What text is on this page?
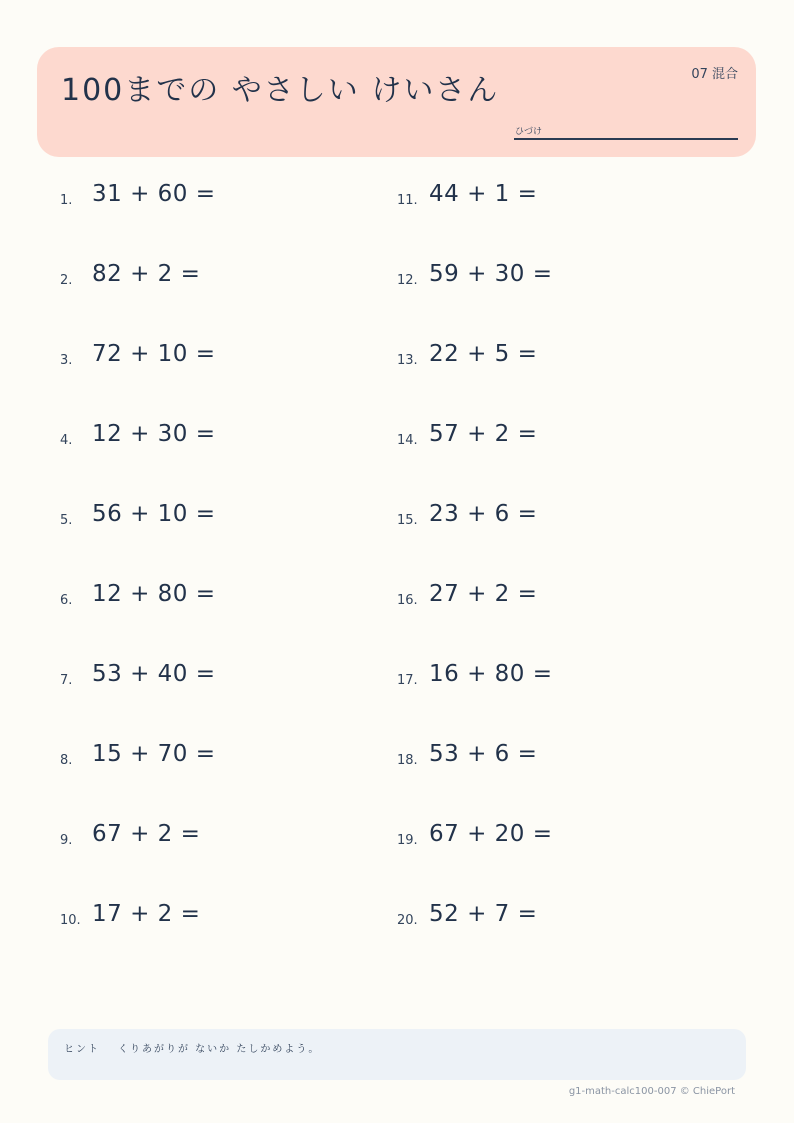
100までの やさしい けいさん	07 混合
ひづけ
1. 31 + 60 =
2. 82 + 2 =
3. 72 + 10 =
4. 12 + 30 =
5. 56 + 10 =
6. 12 + 80 =
7. 53 + 40 =
8. 15 + 70 =
9. 67 + 2 =
10. 17 + 2 =
11. 44 + 1 =
12. 59 + 30 =
13. 22 + 5 =
14. 57 + 2 =
15. 23 + 6 =
16. 27 + 2 =
17. 16 + 80 =
18. 53 + 6 =
19. 67 + 20 =
20. 52 + 7 =
ヒント くりあがりが ないか たしかめよう。
g1-math-calc100-007 © ChiePort
